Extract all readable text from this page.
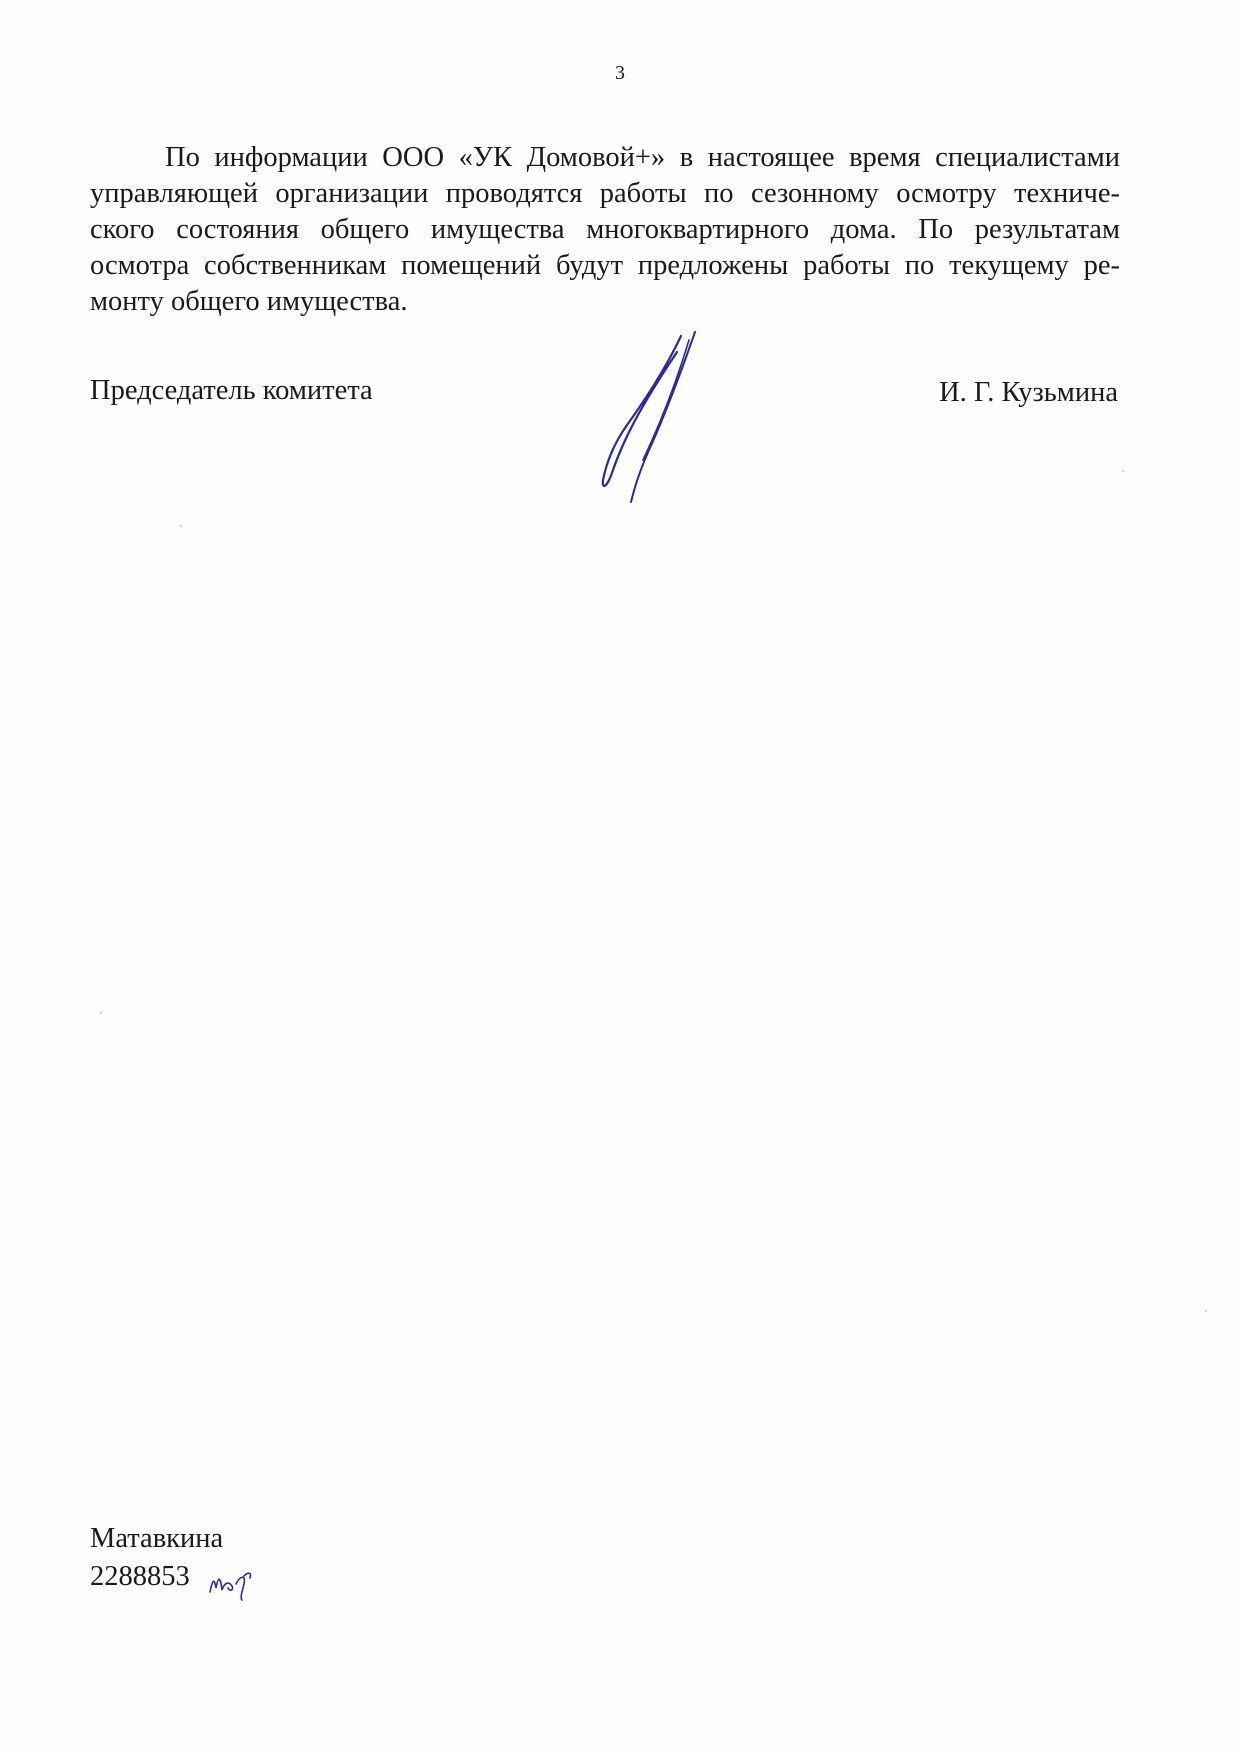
3

По информации ООО «УК Домовой+» в настоящее время специалистами
управляющей организации проводятся работы по сезонному осмотру техниче-
ского состояния общего имущества многоквартирного дома. По результатам
осмотра собственникам помещений будут предложены работы по текущему ре-
монту общего имущества.

Председатель комитета	И. Г. Кузьмина
Матавкина
2288853
